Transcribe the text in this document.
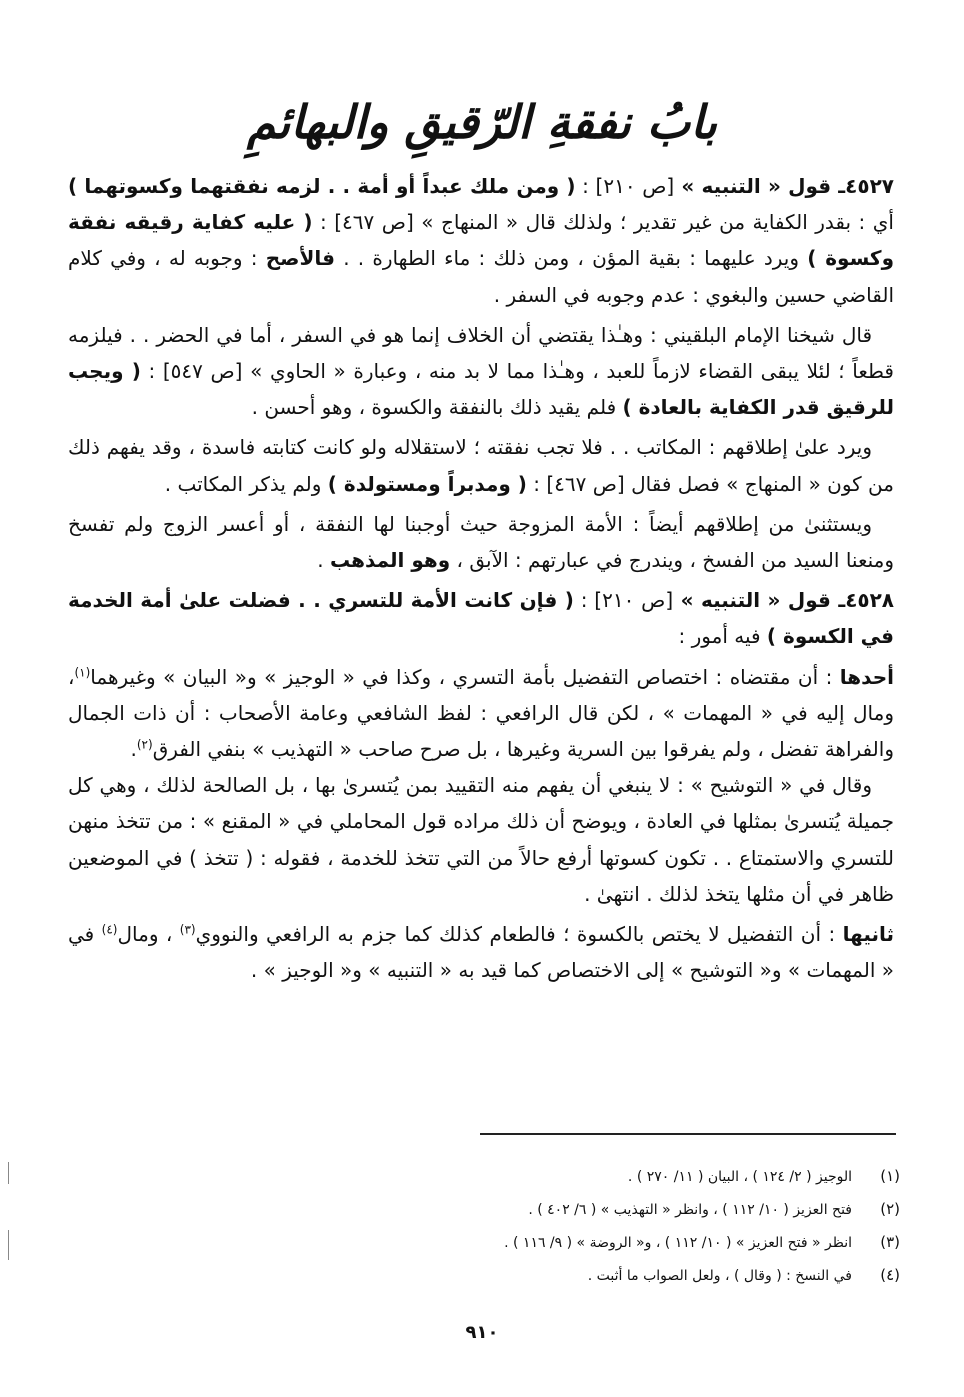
بابُ نفقةِ الرّقيقِ والبهائمِ

٤٥٢٧ـ قول « التنبيه » [ص ٢١٠] : ( ومن ملك عبداً أو أمة . . لزمه نفقتهما وكسوتهما ) أي : بقدر الكفاية من غير تقدير ؛ ولذلك قال « المنهاج » [ص ٤٦٧] : ( عليه كفاية رقيقه نفقة وكسوة ) ويرد عليهما : بقية المؤن ، ومن ذلك : ماء الطهارة . . فالأصح : وجوبه له ، وفي كلام القاضي حسين والبغوي : عدم وجوبه في السفر .

قال شيخنا الإمام البلقيني : وهـٰذا يقتضي أن الخلاف إنما هو في السفر ، أما في الحضر . . فيلزمه قطعاً ؛ لئلا يبقى القضاء لازماً للعبد ، وهـٰذا مما لا بد منه ، وعبارة « الحاوي » [ص ٥٤٧] : ( ويجب للرقيق قدر الكفاية بالعادة ) فلم يقيد ذلك بالنفقة والكسوة ، وهو أحسن .

ويرد علىٰ إطلاقهم : المكاتب . . فلا تجب نفقته ؛ لاستقلاله ولو كانت كتابته فاسدة ، وقد يفهم ذلك من كون « المنهاج » فصل فقال [ص ٤٦٧] : ( ومدبراً ومستولدة ) ولم يذكر المكاتب .

ويستثنىٰ من إطلاقهم أيضاً : الأمة المزوجة حيث أوجبنا لها النفقة ، أو أعسر الزوج ولم تفسخ ومنعنا السيد من الفسخ ، ويندرج في عبارتهم : الآبق ، وهو المذهب .

٤٥٢٨ـ قول « التنبيه » [ص ٢١٠] : ( فإن كانت الأمة للتسري . . فضلت علىٰ أمة الخدمة في الكسوة ) فيه أمور :

أحدها : أن مقتضاه : اختصاص التفضيل بأمة التسري ، وكذا في « الوجيز » و« البيان » وغيرهما$^{(١)}$، ومال إليه في « المهمات » ، لكن قال الرافعي : لفظ الشافعي وعامة الأصحاب : أن ذات الجمال والفراهة تفضل ، ولم يفرقوا بين السرية وغيرها ، بل صرح صاحب « التهذيب » بنفي الفرق$^{(٢)}$.

وقال في « التوشيح » : لا ينبغي أن يفهم منه التقييد بمن يُتسرىٰ بها ، بل الصالحة لذلك ، وهي كل جميلة يُتسرىٰ بمثلها في العادة ، ويوضح أن ذلك مراده قول المحاملي في « المقنع » : من تتخذ منهن للتسري والاستمتاع . . تكون كسوتها أرفع حالاً من التي تتخذ للخدمة ، فقوله : ( تتخذ ) في الموضعين ظاهر في أن مثلها يتخذ لذلك . انتهىٰ .

ثانيها : أن التفضيل لا يختص بالكسوة ؛ فالطعام كذلك كما جزم به الرافعي والنووي$^{(٣)}$ ، ومال$^{(٤)}$ في « المهمات » و« التوشيح » إلى الاختصاص كما قيد به « التنبيه » و« الوجيز » .

(١)
الوجيز ( ٢/ ١٢٤ ) ، البيان ( ١١/ ٢٧٠ ) .
(٢)
فتح العزيز ( ١٠/ ١١٢ ) ، وانظر « التهذيب » ( ٦/ ٤٠٢ ) .
(٣)
انظر « فتح العزيز » ( ١٠/ ١١٢ ) ، و« الروضة » ( ٩/ ١١٦ ) .
(٤)
في النسخ : ( وقال ) ، ولعل الصواب ما أثبت .
٩١٠
